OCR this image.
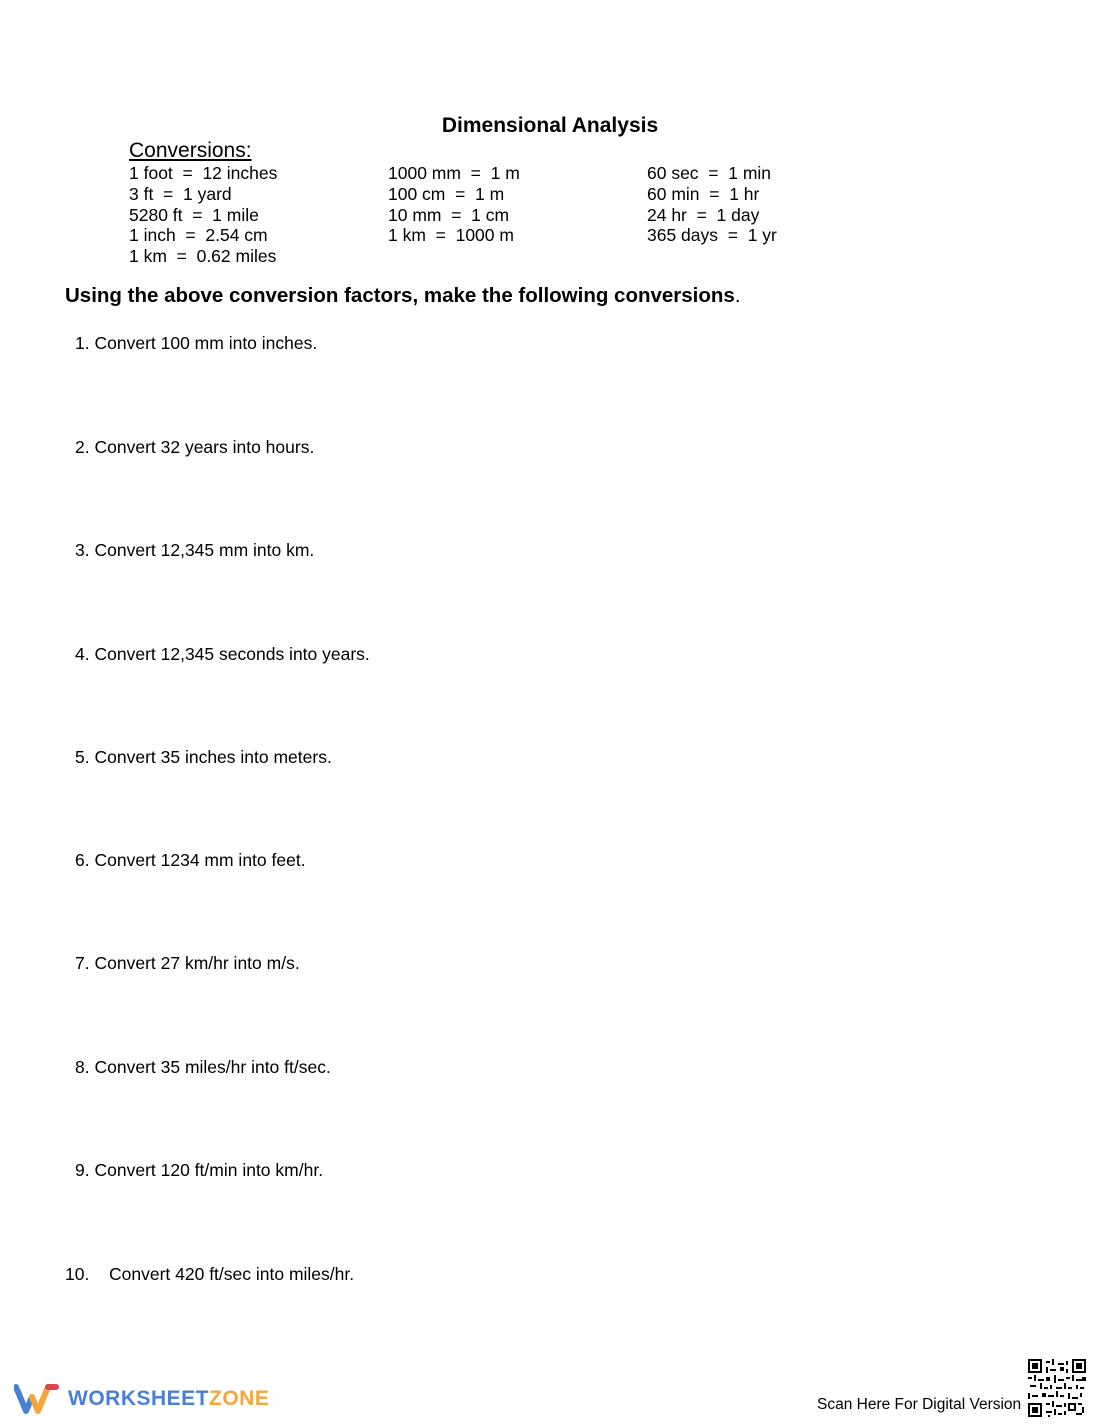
Dimensional Analysis
Conversions:
1 foot  =  12 inches
3 ft  =  1 yard
5280 ft  =  1 mile
1 inch  =  2.54 cm
1 km  =  0.62 miles
1000 mm  =  1 m
100 cm  =  1 m
10 mm  =  1 cm
1 km  =  1000 m
60 sec  =  1 min
60 min  =  1 hr
24 hr  =  1 day
365 days  =  1 yr
Using the above conversion factors, make the following conversions.
1. Convert 100 mm into inches.
2. Convert 32 years into hours.
3. Convert 12,345 mm into km.
4. Convert 12,345 seconds into years.
5. Convert 35 inches into meters.
6. Convert 1234 mm into feet.
7. Convert 27 km/hr into m/s.
8. Convert 35 miles/hr into ft/sec.
9. Convert 120 ft/min into km/hr.
10. Convert 420 ft/sec into miles/hr.
WORKSHEETZONE	Scan Here For Digital Version
